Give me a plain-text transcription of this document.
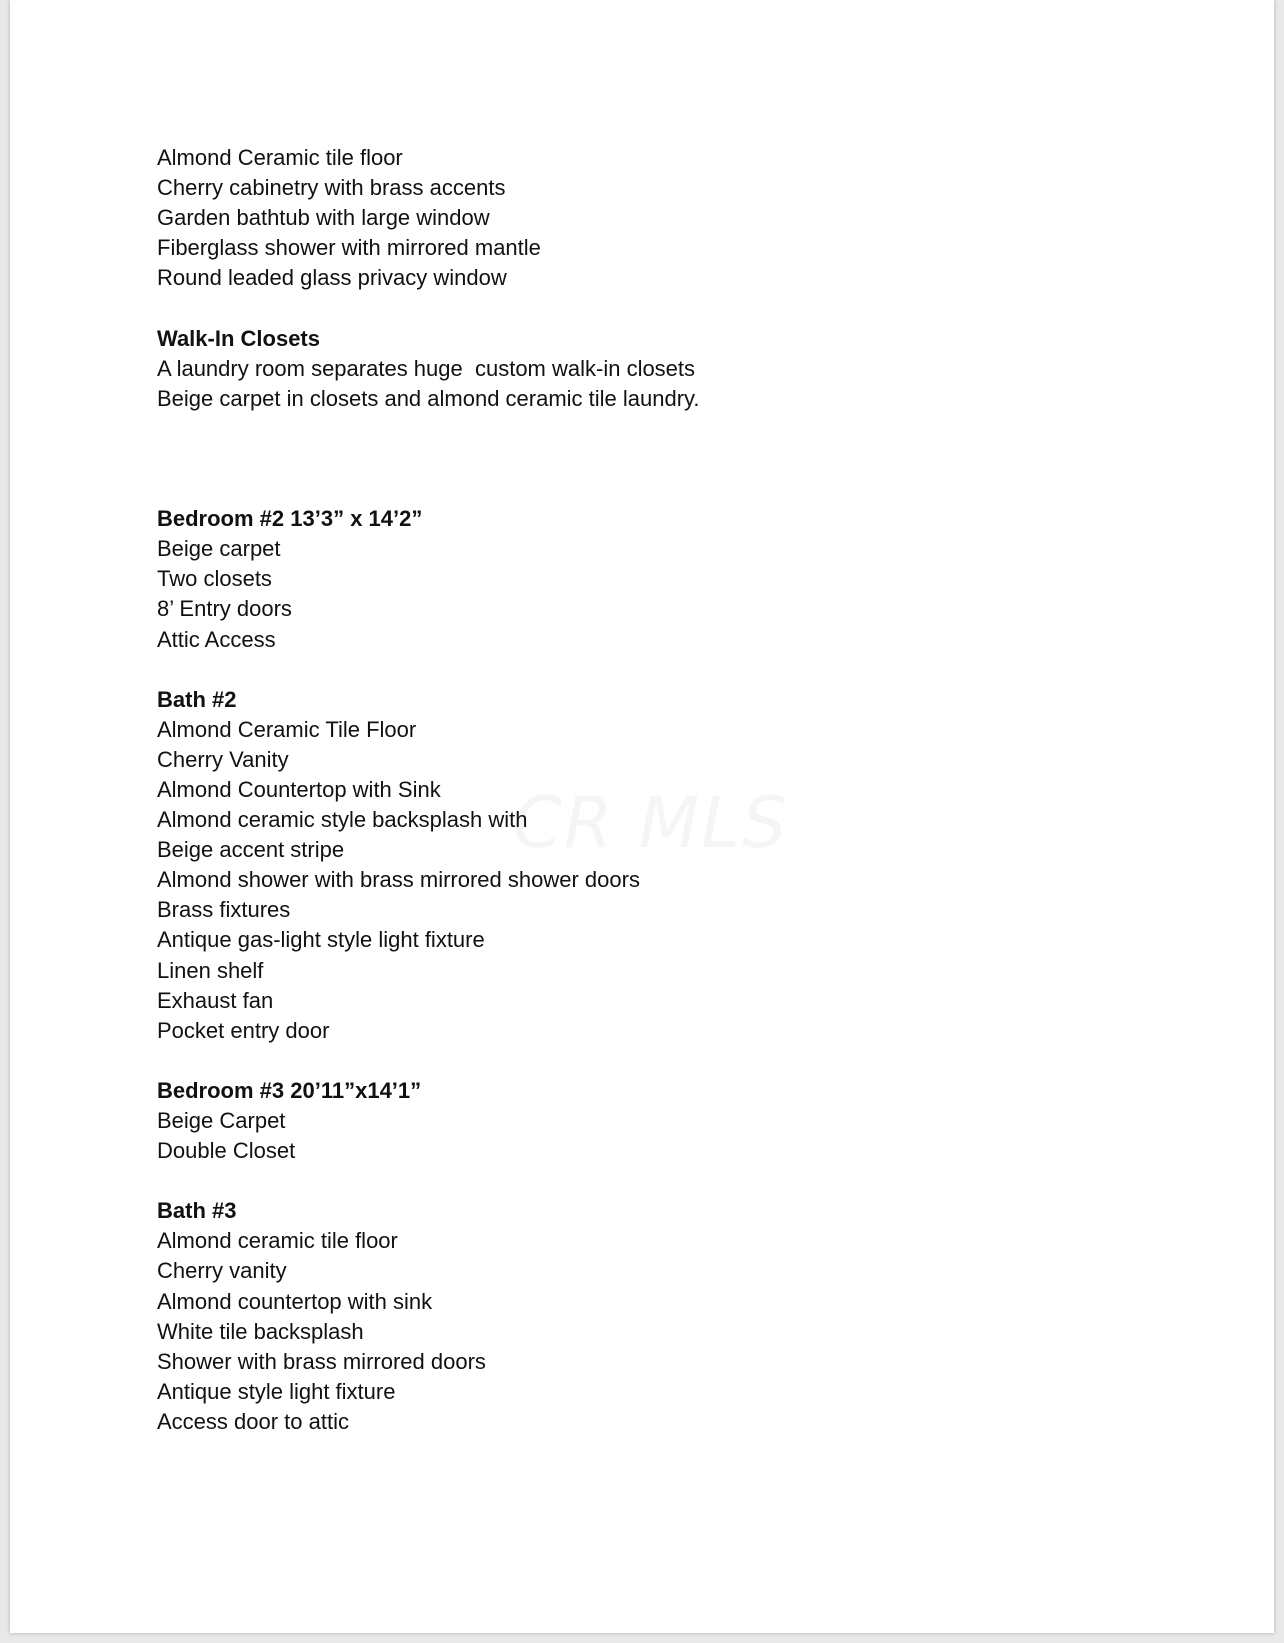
Almond Ceramic tile floor

Cherry cabinetry with brass accents

Garden bathtub with large window

Fiberglass shower with mirrored mantle

Round leaded glass privacy window

Walk-In Closets

A laundry room separates huge  custom walk-in closets

Beige carpet in closets and almond ceramic tile laundry.

Bedroom #2 13’3” x 14’2”

Beige carpet

Two closets

8’ Entry doors

Attic Access

Bath #2

Almond Ceramic Tile Floor

Cherry Vanity

Almond Countertop with Sink

Almond ceramic style backsplash with

Beige accent stripe

Almond shower with brass mirrored shower doors

Brass fixtures

Antique gas-light style light fixture

Linen shelf

Exhaust fan

Pocket entry door

Bedroom #3 20’11”x14’1”

Beige Carpet

Double Closet

Bath #3

Almond ceramic tile floor

Cherry vanity

Almond countertop with sink

White tile backsplash

Shower with brass mirrored doors

Antique style light fixture

Access door to attic
